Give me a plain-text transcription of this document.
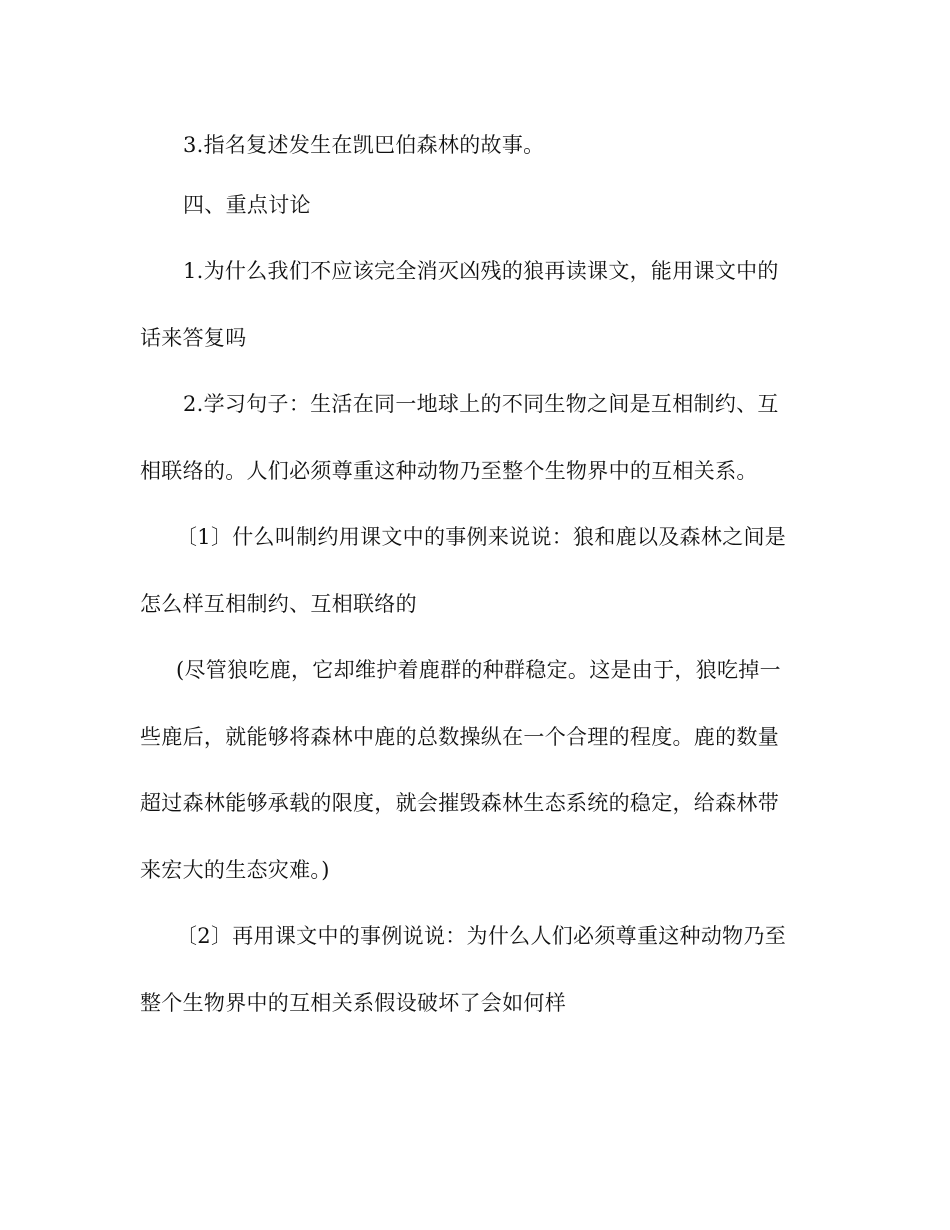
3.指名复述发生在凯巴伯森林的故事。
四、重点讨论
1.为什么我们不应该完全消灭凶残的狼再读课文，能用课文中的
话来答复吗
2.学习句子：生活在同一地球上的不同生物之间是互相制约、互
相联络的。人们必须尊重这种动物乃至整个生物界中的互相关系。
〔1〕什么叫制约用课文中的事例来说说：狼和鹿以及森林之间是
怎么样互相制约、互相联络的
(尽管狼吃鹿，它却维护着鹿群的种群稳定。这是由于，狼吃掉一
些鹿后，就能够将森林中鹿的总数操纵在一个合理的程度。鹿的数量
超过森林能够承载的限度，就会摧毁森林生态系统的稳定，给森林带
来宏大的生态灾难。)
〔2〕再用课文中的事例说说：为什么人们必须尊重这种动物乃至
整个生物界中的互相关系假设破坏了会如何样
